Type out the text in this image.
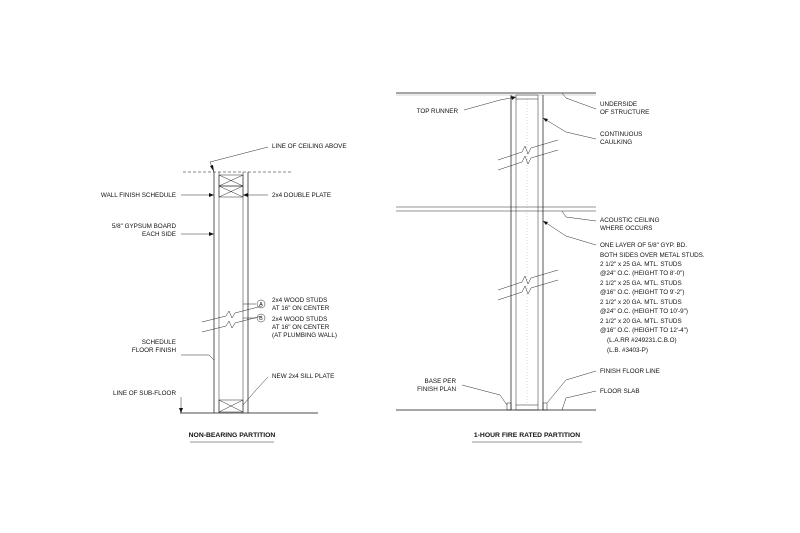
LINE OF CEILING ABOVE
WALL FINISH SCHEDULE	2x4 DOUBLE PLATE
5/8" GYPSUM BOARD
EACH SIDE
A
B
2x4 WOOD STUDS
AT 16" ON CENTER
2x4 WOOD STUDS
AT 16" ON CENTER
(AT PLUMBING WALL)
SCHEDULE
FLOOR FINISH
NEW 2x4 SILL PLATE
LINE OF SUB-FLOOR
NON-BEARING PARTITION
TOP RUNNER
UNDERSIDE
OF STRUCTURE
CONTINUOUS
CAULKING
ACOUSTIC CEILING
WHERE OCCURS
ONE LAYER OF 5/8" GYP. BD.
BOTH SIDES OVER METAL STUDS.
2 1/2" x 25 GA. MTL. STUDS
@24" O.C. (HEIGHT TO 8'-0")
2 1/2" x 25 GA. MTL. STUDS
@16" O.C. (HEIGHT TO 9'-2")
2 1/2" x 20 GA. MTL. STUDS
@24" O.C. (HEIGHT TO 10'-9")
2 1/2" x 20 GA. MTL. STUDS
@16" O.C. (HEIGHT TO 12'-4")
(L.A.RR #249231.C.B.O)
(L.B. #3403-P)
BASE PER
FINISH PLAN
FINISH FLOOR LINE
FLOOR SLAB
1-HOUR FIRE RATED PARTITION
